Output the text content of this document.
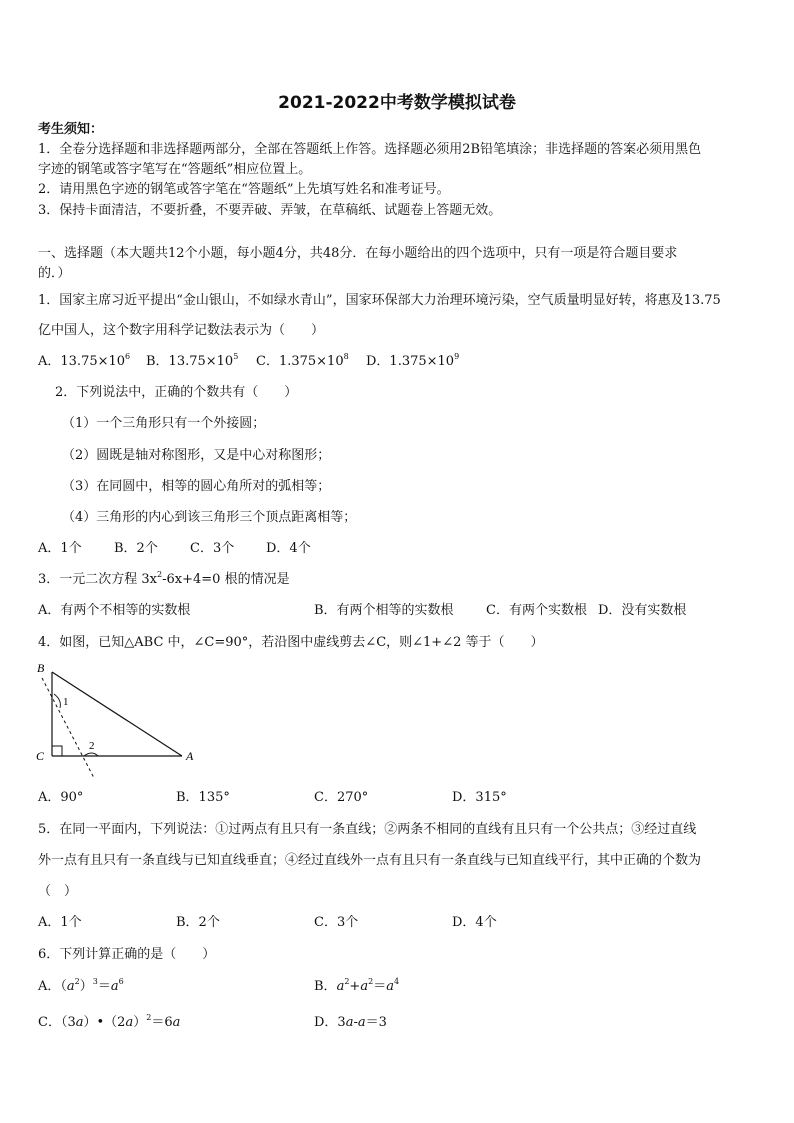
2021-2022中考数学模拟试卷
考生须知：
1．全卷分选择题和非选择题两部分，全部在答题纸上作答。选择题必须用2B铅笔填涂；非选择题的答案必须用黑色
字迹的钢笔或答字笔写在“答题纸”相应位置上。
2．请用黑色字迹的钢笔或答字笔在“答题纸”上先填写姓名和准考证号。
3．保持卡面清洁，不要折叠，不要弄破、弄皱，在草稿纸、试题卷上答题无效。
一、选择题（本大题共12个小题，每小题4分，共48分．在每小题给出的四个选项中，只有一项是符合题目要求
的．）
1．国家主席习近平提出“金山银山，不如绿水青山”，国家环保部大力治理环境污染，空气质量明显好转，将惠及13.75
亿中国人，这个数字用科学记数法表示为（　　）
A．$13.75\times 10^6$ B．$13.75\times 10^5$ C．$1.375\times 10^8$ D．$1.375\times 10^9$
2．下列说法中，正确的个数共有（　　）
（1）一个三角形只有一个外接圆；
（2）圆既是轴对称图形，又是中心对称图形；
（3）在同圆中，相等的圆心角所对的弧相等；
（4）三角形的内心到该三角形三个顶点距离相等；
A．1个 B．2个 C．3个 D．4个
3．一元二次方程 $3x^2-6x+4=0$ 根的情况是
A．有两个不相等的实数根	B．有两个相等的实数根 C．有两个实数根 D．没有实数根
4．如图，已知△ABC 中，∠C=90°，若沿图中虚线剪去∠C，则∠1+∠2 等于（　　）
B
C	A
1
2
A．90°	B．135°	C．270°	D．315°
5．在同一平面内，下列说法：①过两点有且只有一条直线；②两条不相同的直线有且只有一个公共点；③经过直线
外一点有且只有一条直线与已知直线垂直；④经过直线外一点有且只有一条直线与已知直线平行，其中正确的个数为
（　）
A．1个	B．2个	C．3个	D．4个
6．下列计算正确的是（　　）
A．$(a^2)^3=a^6$	B．$a^2+a^2=a^4$
C．$(3a)•(2a)^2=6a$	D．3a-a＝3
